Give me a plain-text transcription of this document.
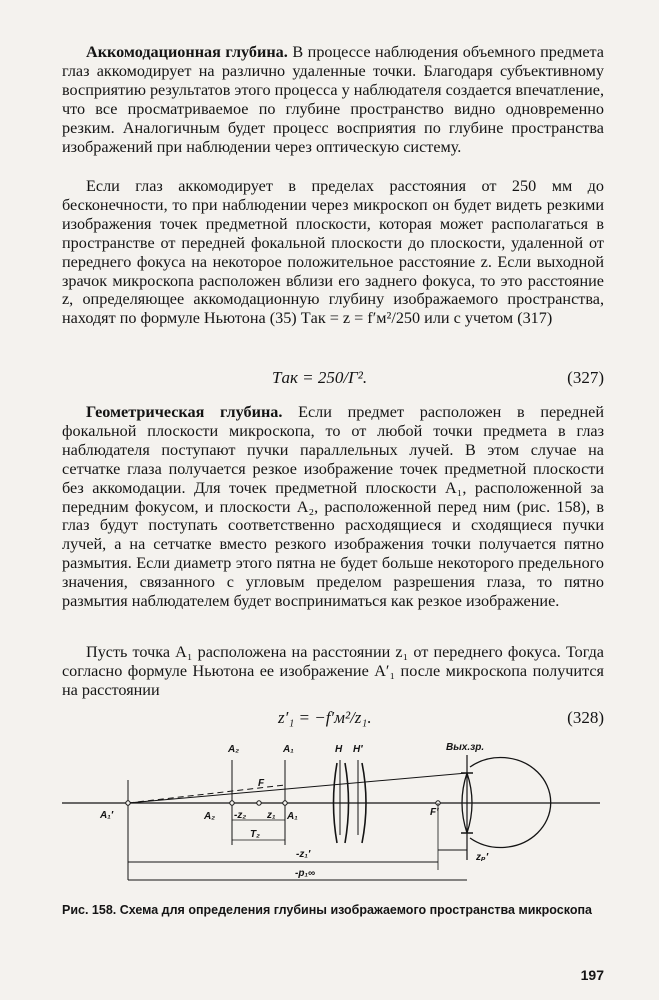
Аккомодационная глубина. В процессе наблюдения объемного предмета глаз аккомодирует на различно удаленные точки. Благодаря субъективному восприятию результатов этого процесса у наблюдателя создается впечатление, что все просматриваемое по глубине пространство видно одновременно резким. Аналогичным будет процесс восприятия по глубине пространства изображений при наблюдении через оптическую систему.

Если глаз аккомодирует в пределах расстояния от 250 мм до бесконечности, то при наблюдении через микроскоп он будет видеть резкими изображения точек предметной плоскости, которая может располагаться в пространстве от передней фокальной плоскости до плоскости, удаленной от переднего фокуса на некоторое положительное расстояние z. Если выходной зрачок микроскопа расположен вблизи его заднего фокуса, то это расстояние z, определяющее аккомодационную глубину изображаемого пространства, находят по формуле Ньютона (35) Tак = z = f′м²/250 или с учетом (317)

Tак = 250/Г².	(327)

Геометрическая глубина. Если предмет расположен в передней фокальной плоскости микроскопа, то от любой точки предмета в глаз наблюдателя поступают пучки параллельных лучей. В этом случае на сетчатке глаза получается резкое изображение точек предметной плоскости без аккомодации. Для точек предметной плоскости A₁, расположенной за передним фокусом, и плоскости A₂, расположенной перед ним (рис. 158), в глаз будут поступать соответственно расходящиеся и сходящиеся пучки лучей, а на сетчатке вместо резкого изображения точки получается пятно размытия. Если диаметр этого пятна не будет больше некоторого предельного значения, связанного с угловым пределом разрешения глаза, то пятно размытия наблюдателем будет восприниматься как резкое изображение.

Пусть точка A₁ расположена на расстоянии z₁ от переднего фокуса. Тогда согласно формуле Ньютона ее изображение A′₁ после микроскопа получится на расстоянии

z′₁ = −f′м²/z₁.	(328)
A₂	A₁	H H′	Вых.зр.
F
F′
A₁′	A₂ -z₂ z₁ A₁
T₂
-z₁′	zₚ′
-p₁∞
Рис. 158. Схема для определения глубины изображаемого пространства микроскопа
197
